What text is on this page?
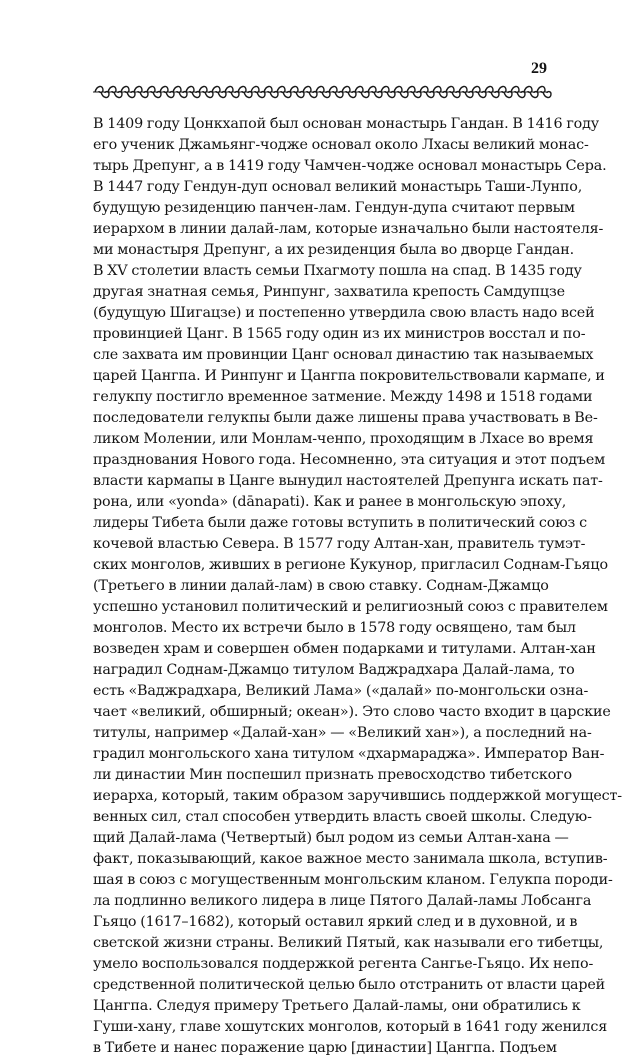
29
В 1409 году Цонкхапой был основан монастырь Гандан. В 1416 году
его ученик Джамьянг-чодже основал около Лхасы великий монас-
тырь Дрепунг, а в 1419 году Чамчен-чодже основал монастырь Сера.
В 1447 году Гендун-дуп основал великий монастырь Таши-Лунпо,
будущую резиденцию панчен-лам. Гендун-дупа считают первым
иерархом в линии далай-лам, которые изначально были настоятеля-
ми монастыря Дрепунг, а их резиденция была во дворце Гандан.
В XV столетии власть семьи Пхагмоту пошла на спад. В 1435 году
другая знатная семья, Ринпунг, захватила крепость Самдупцзе
(будущую Шигацзе) и постепенно утвердила свою власть надо всей
провинцией Цанг. В 1565 году один из их министров восстал и по-
сле захвата им провинции Цанг основал династию так называемых
царей Цангпа. И Ринпунг и Цангпа покровительствовали кармапе, и
гелукпу постигло временное затмение. Между 1498 и 1518 годами
последователи гелукпы были даже лишены права участвовать в Ве-
ликом Молении, или Монлам-ченпо, проходящим в Лхасе во время
празднования Нового года. Несомненно, эта ситуация и этот подъем
власти кармапы в Цанге вынудил настоятелей Дрепунга искать пат-
рона, или «yonda» (dānapati). Как и ранее в монгольскую эпоху,
лидеры Тибета были даже готовы вступить в политический союз с
кочевой властью Севера. В 1577 году Алтан-хан, правитель тумэт-
ских монголов, живших в регионе Кукунор, пригласил Соднам-Гьяцо
(Третьего в линии далай-лам) в свою ставку. Соднам-Джамцо
успешно установил политический и религиозный союз с правителем
монголов. Место их встречи было в 1578 году освящено, там был
возведен храм и совершен обмен подарками и титулами. Алтан-хан
наградил Соднам-Джамцо титулом Ваджрадхара Далай-лама, то
есть «Ваджрадхара, Великий Лама» («далай» по-монгольски озна-
чает «великий, обширный; океан»). Это слово часто входит в царские
титулы, например «Далай-хан» — «Великий хан»), а последний на-
градил монгольского хана титулом «дхармараджа». Император Ван-
ли династии Мин поспешил признать превосходство тибетского
иерарха, который, таким образом заручившись поддержкой могущест-
венных сил, стал способен утвердить власть своей школы. Следую-
щий Далай-лама (Четвертый) был родом из семьи Алтан-хана —
факт, показывающий, какое важное место занимала школа, вступив-
шая в союз с могущественным монгольским кланом. Гелукпа породи-
ла подлинно великого лидера в лице Пятого Далай-ламы Лобсанга
Гьяцо (1617–1682), который оставил яркий след и в духовной, и в
светской жизни страны. Великий Пятый, как называли его тибетцы,
умело воспользовался поддержкой регента Сангье-Гьяцо. Их непо-
средственной политической целью было отстранить от власти царей
Цангпа. Следуя примеру Третьего Далай-ламы, они обратились к
Гуши-хану, главе хошутских монголов, который в 1641 году женился
в Тибете и нанес поражение царю [династии] Цангпа. Подъем
